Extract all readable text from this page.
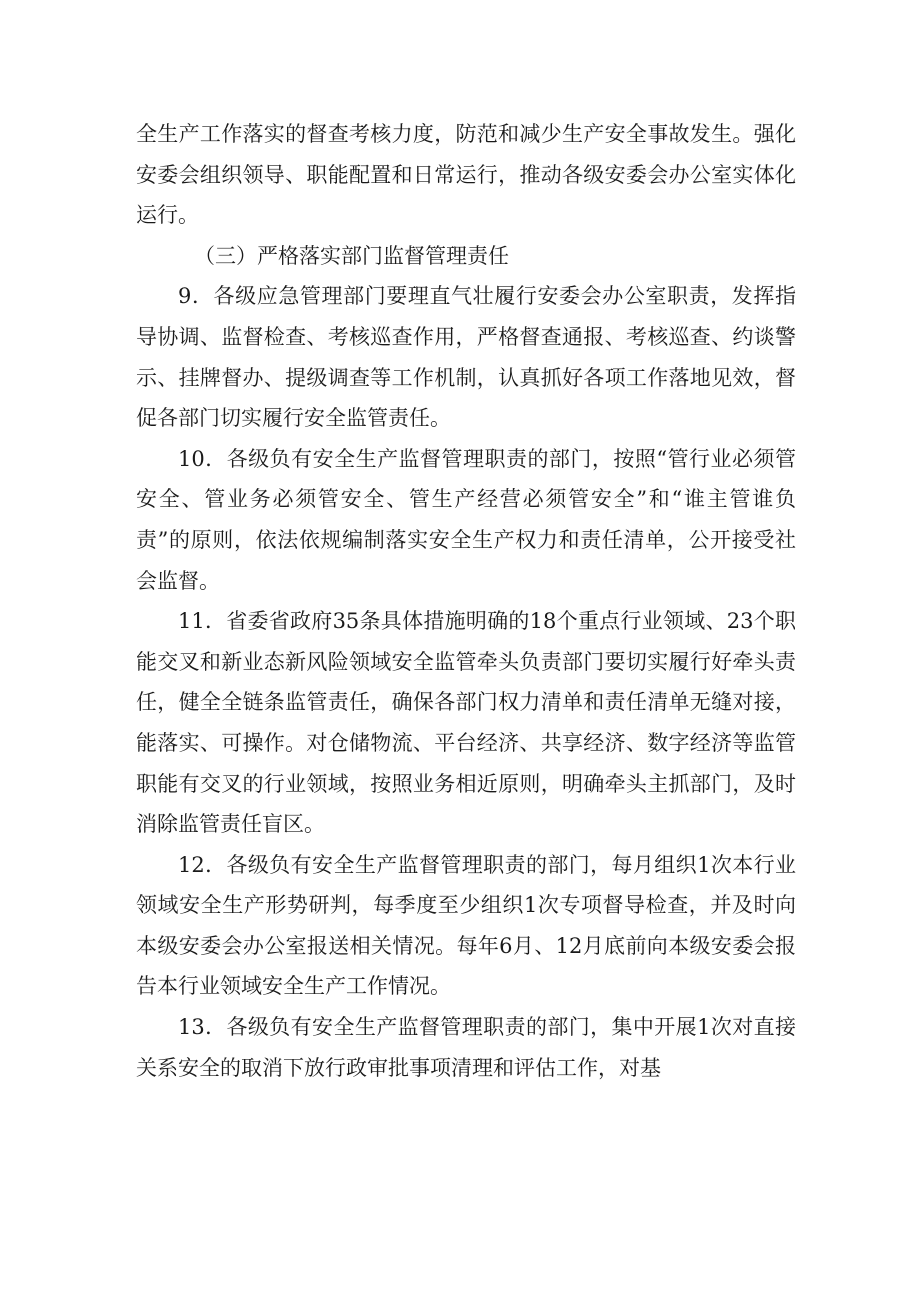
全生产工作落实的督查考核力度，防范和减少生产安全事故发生。强化安委会组织领导、职能配置和日常运行，推动各级安委会办公室实体化运行。

（三）严格落实部门监督管理责任

9．各级应急管理部门要理直气壮履行安委会办公室职责，发挥指导协调、监督检查、考核巡查作用，严格督查通报、考核巡查、约谈警示、挂牌督办、提级调查等工作机制，认真抓好各项工作落地见效，督促各部门切实履行安全监管责任。

10．各级负有安全生产监督管理职责的部门，按照“管行业必须管安全、管业务必须管安全、管生产经营必须管安全”和“谁主管谁负责”的原则，依法依规编制落实安全生产权力和责任清单，公开接受社会监督。

11．省委省政府35条具体措施明确的18个重点行业领域、23个职能交叉和新业态新风险领域安全监管牵头负责部门要切实履行好牵头责任，健全全链条监管责任，确保各部门权力清单和责任清单无缝对接，能落实、可操作。对仓储物流、平台经济、共享经济、数字经济等监管职能有交叉的行业领域，按照业务相近原则，明确牵头主抓部门，及时消除监管责任盲区。

12．各级负有安全生产监督管理职责的部门，每月组织1次本行业领域安全生产形势研判，每季度至少组织1次专项督导检查，并及时向本级安委会办公室报送相关情况。每年6月、12月底前向本级安委会报告本行业领域安全生产工作情况。

13．各级负有安全生产监督管理职责的部门，集中开展1次对直接关系安全的取消下放行政审批事项清理和评估工作，对基
